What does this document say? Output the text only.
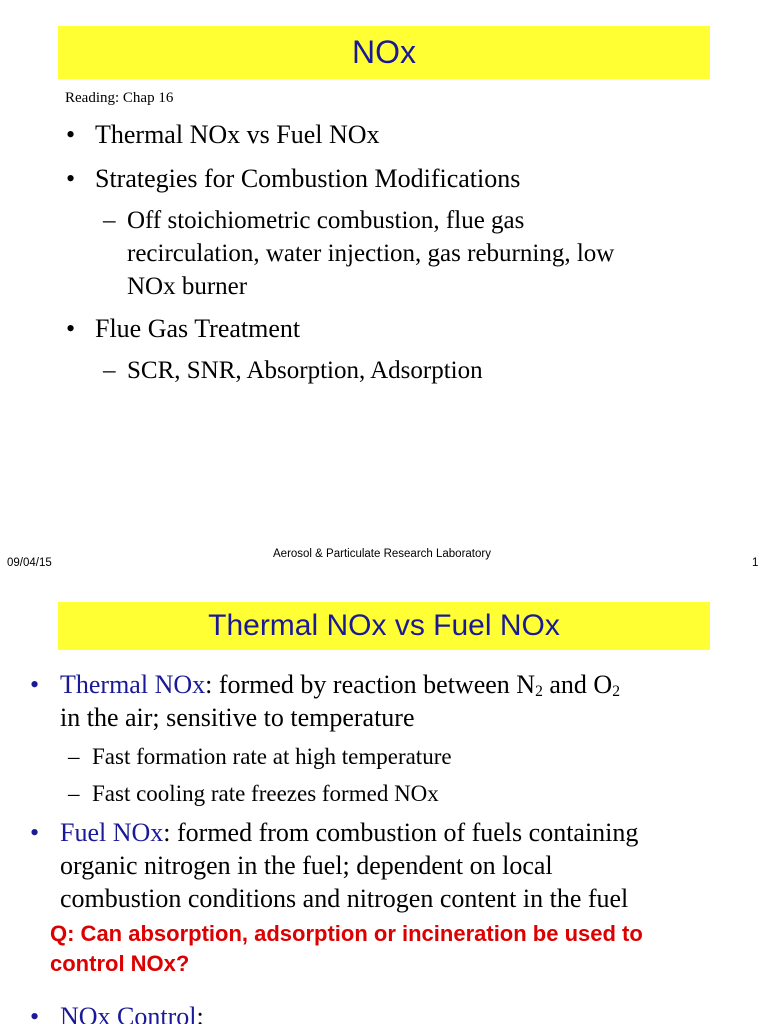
NOx
Reading: Chap 16
• Thermal NOx vs Fuel NOx
• Strategies for Combustion Modifications
– Off stoichiometric combustion, flue gas
recirculation, water injection, gas reburning, low
NOx burner
• Flue Gas Treatment
– SCR, SNR, Absorption, Adsorption
09/04/15
Aerosol & Particulate Research Laboratory
1
Thermal NOx vs Fuel NOx
• Thermal NOx: formed by reaction between $N_2$ and $O_2$
in the air; sensitive to temperature
– Fast formation rate at high temperature
– Fast cooling rate freezes formed NOx
• Fuel NOx: formed from combustion of fuels containing
organic nitrogen in the fuel; dependent on local
combustion conditions and nitrogen content in the fuel
Q: Can absorption, adsorption or incineration be used to
control NOx?
• NOx Control:
